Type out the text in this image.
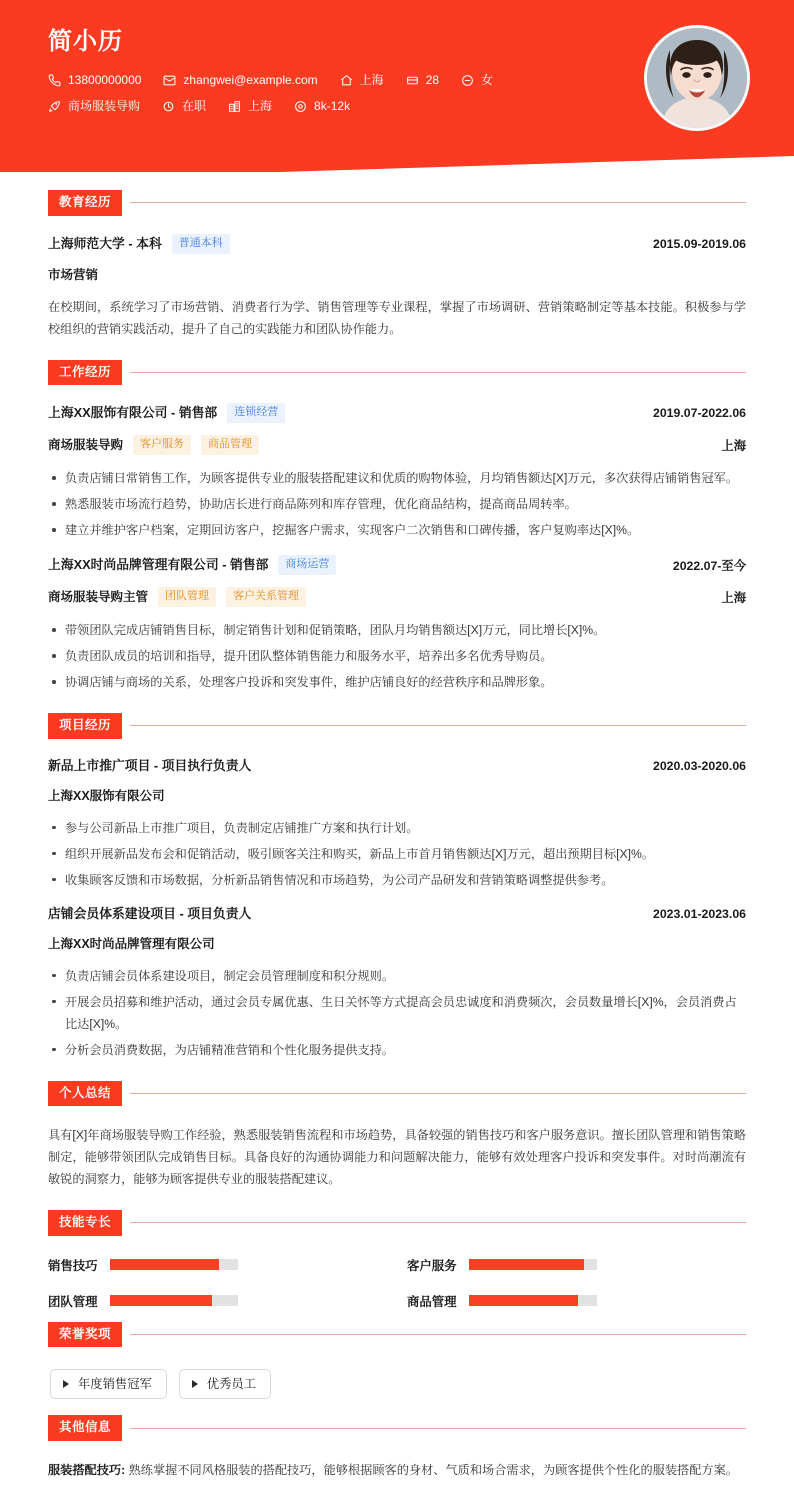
简小历
13800000000	zhangwei@example.com	上海	28	女
商场服装导购	在职	上海	8k-12k
教育经历
上海师范大学 - 本科	普通本科	2015.09-2019.06
市场营销

在校期间，系统学习了市场营销、消费者行为学、销售管理等专业课程，掌握了市场调研、营销策略制定等基本技能。积极参与学校组织的营销实践活动，提升了自己的实践能力和团队协作能力。

工作经历
上海XX服饰有限公司 - 销售部	连锁经营	2019.07-2022.06
商场服装导购	客户服务	商品管理	上海
负责店铺日常销售工作，为顾客提供专业的服装搭配建议和优质的购物体验，月均销售额达[X]万元，多次获得店铺销售冠军。
熟悉服装市场流行趋势，协助店长进行商品陈列和库存管理，优化商品结构，提高商品周转率。
建立并维护客户档案，定期回访客户，挖掘客户需求，实现客户二次销售和口碑传播，客户复购率达[X]%。
上海XX时尚品牌管理有限公司 - 销售部	商场运营	2022.07-至今
商场服装导购主管	团队管理	客户关系管理	上海
带领团队完成店铺销售目标，制定销售计划和促销策略，团队月均销售额达[X]万元，同比增长[X]%。
负责团队成员的培训和指导，提升团队整体销售能力和服务水平，培养出多名优秀导购员。
协调店铺与商场的关系，处理客户投诉和突发事件，维护店铺良好的经营秩序和品牌形象。
项目经历
新品上市推广项目 - 项目执行负责人	2020.03-2020.06
上海XX服饰有限公司
参与公司新品上市推广项目，负责制定店铺推广方案和执行计划。
组织开展新品发布会和促销活动，吸引顾客关注和购买，新品上市首月销售额达[X]万元，超出预期目标[X]%。
收集顾客反馈和市场数据，分析新品销售情况和市场趋势，为公司产品研发和营销策略调整提供参考。
店铺会员体系建设项目 - 项目负责人	2023.01-2023.06
上海XX时尚品牌管理有限公司
负责店铺会员体系建设项目，制定会员管理制度和积分规则。
开展会员招募和维护活动，通过会员专属优惠、生日关怀等方式提高会员忠诚度和消费频次，会员数量增长[X]%，会员消费占比达[X]%。
分析会员消费数据，为店铺精准营销和个性化服务提供支持。
个人总结

具有[X]年商场服装导购工作经验，熟悉服装销售流程和市场趋势，具备较强的销售技巧和客户服务意识。擅长团队管理和销售策略制定，能够带领团队完成销售目标。具备良好的沟通协调能力和问题解决能力，能够有效处理客户投诉和突发事件。对时尚潮流有敏锐的洞察力，能够为顾客提供专业的服装搭配建议。

技能专长
销售技巧	客户服务
团队管理	商品管理
荣誉奖项
年度销售冠军	优秀员工
其他信息

服装搭配技巧: 熟练掌握不同风格服装的搭配技巧，能够根据顾客的身材、气质和场合需求，为顾客提供个性化的服装搭配方案。
